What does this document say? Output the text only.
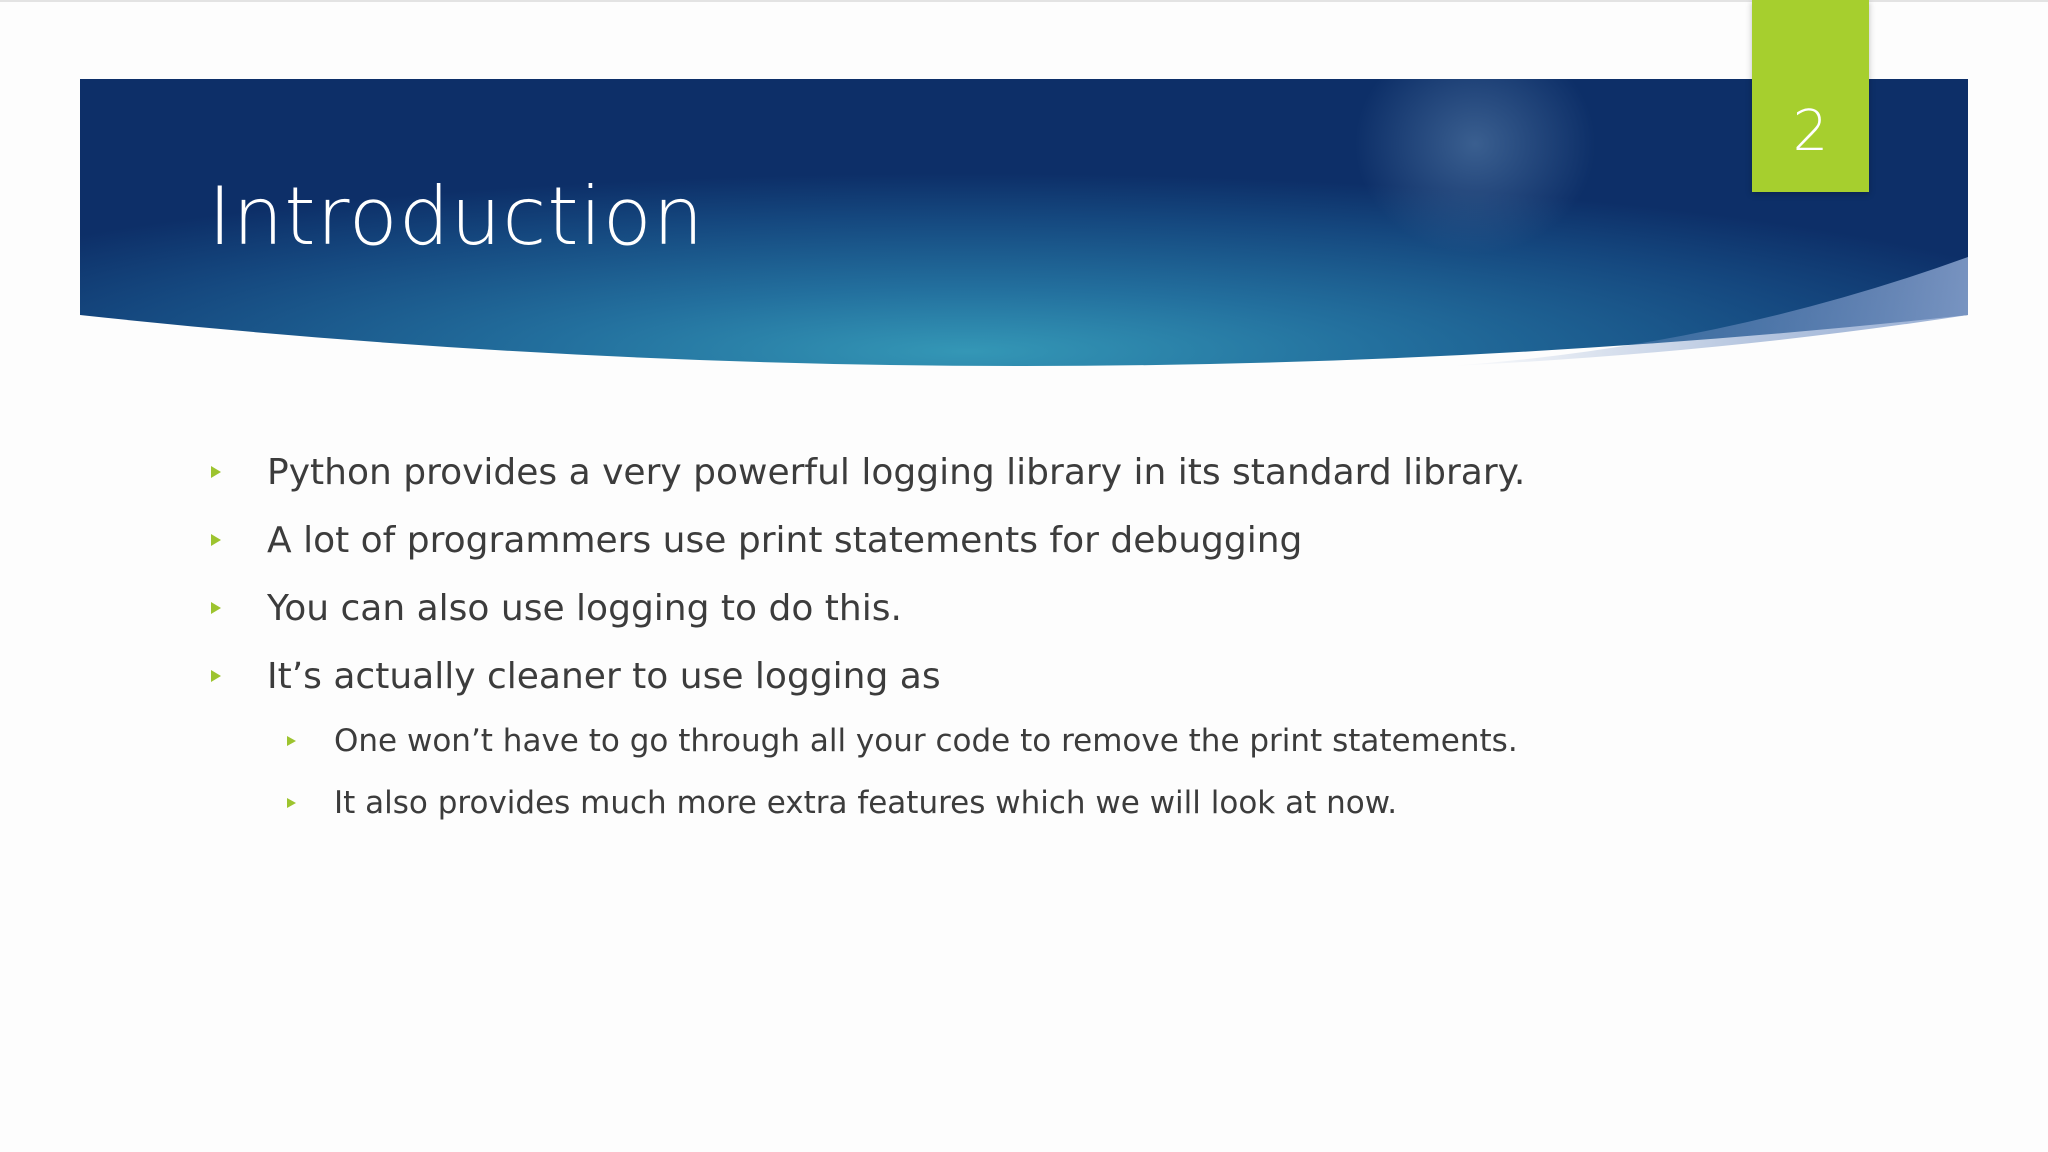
Introduction
2
Python provides a very powerful logging library in its standard library.
A lot of programmers use print statements for debugging
You can also use logging to do this.
It’s actually cleaner to use logging as
One won’t have to go through all your code to remove the print statements.
It also provides much more extra features which we will look at now.
